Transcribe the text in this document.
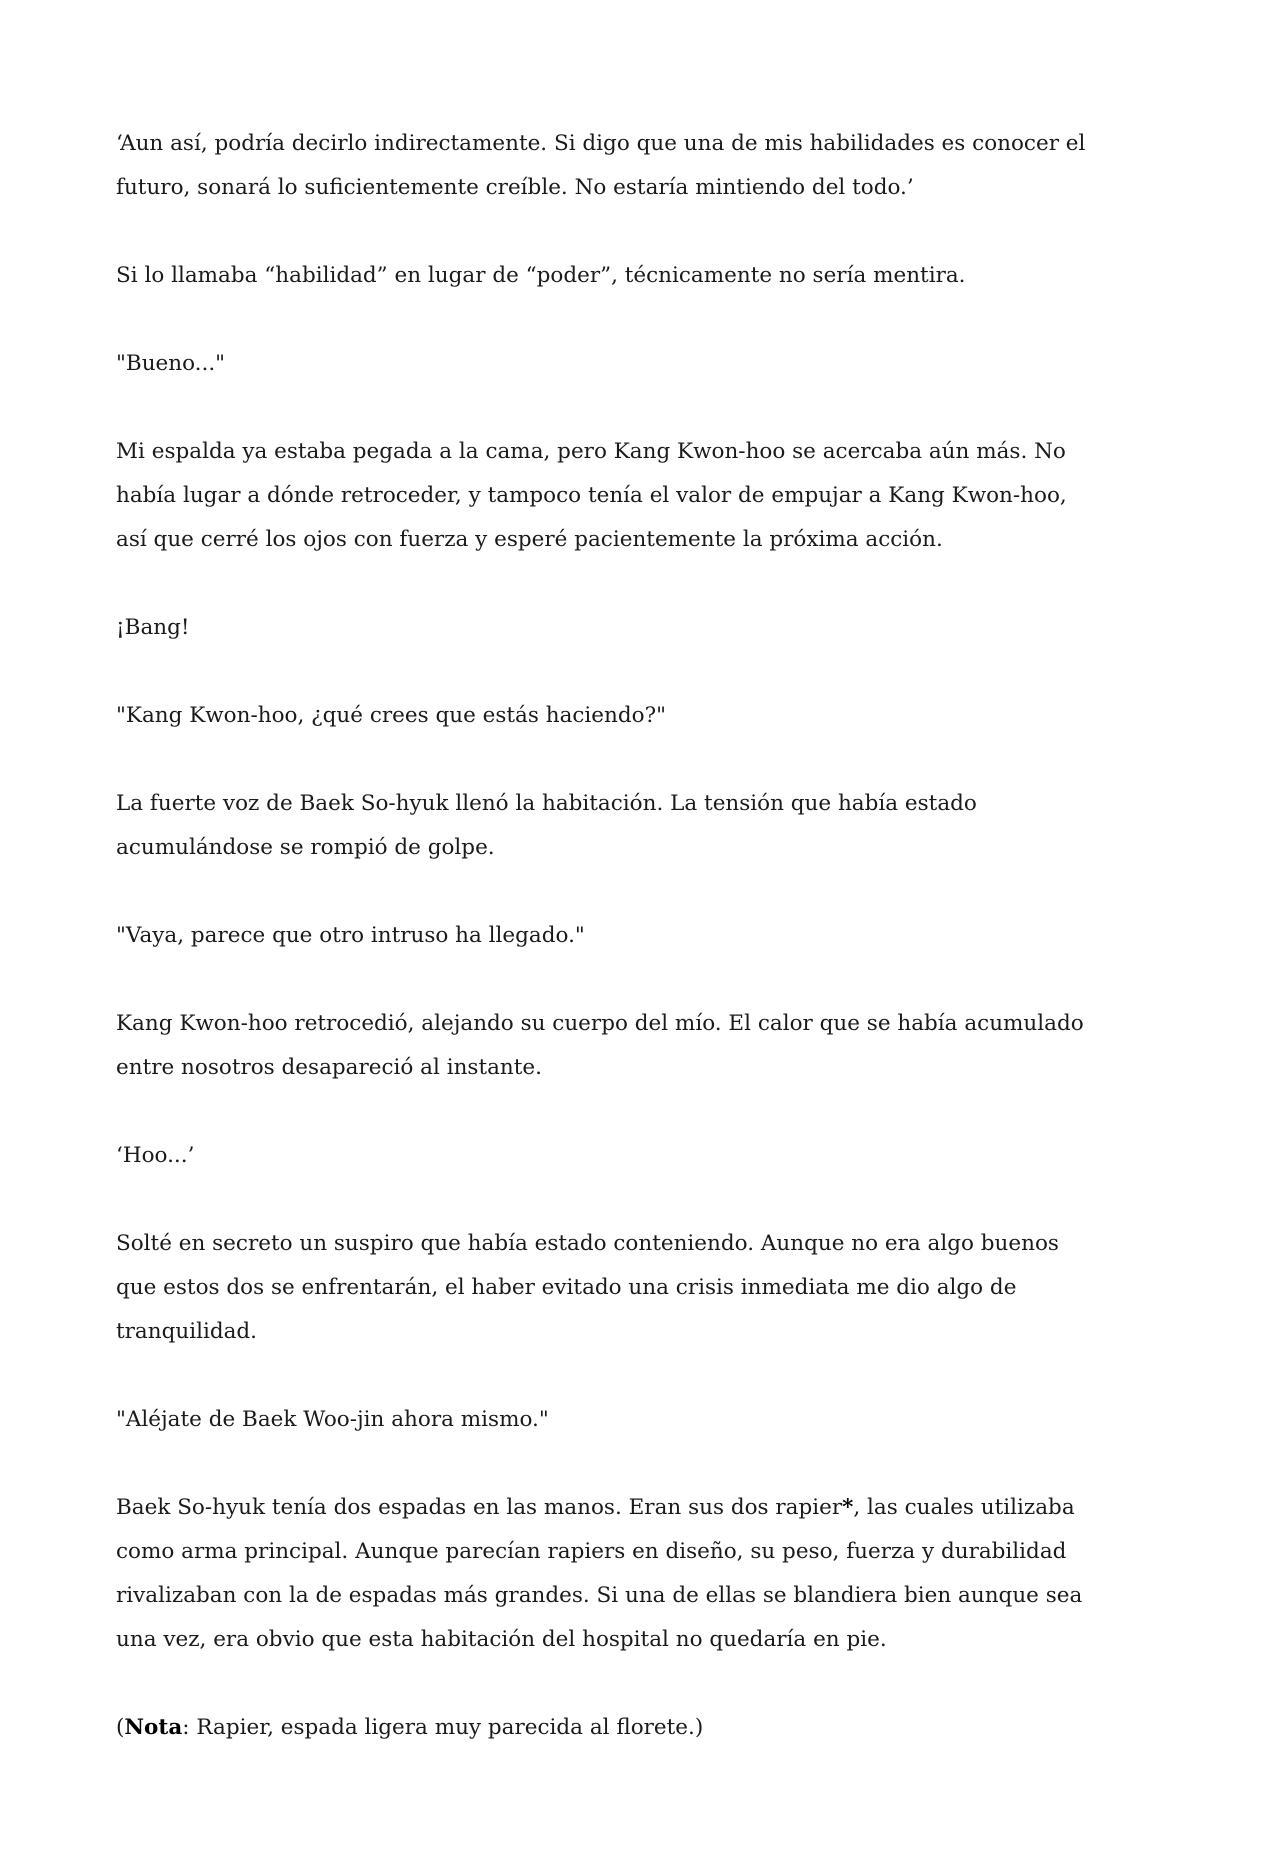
‘Aun así, podría decirlo indirectamente. Si digo que una de mis habilidades es conocer el
futuro, sonará lo suficientemente creíble. No estaría mintiendo del todo.’

Si lo llamaba “habilidad” en lugar de “poder”, técnicamente no sería mentira.

"Bueno..."

Mi espalda ya estaba pegada a la cama, pero Kang Kwon-hoo se acercaba aún más. No
había lugar a dónde retroceder, y tampoco tenía el valor de empujar a Kang Kwon-hoo,
así que cerré los ojos con fuerza y esperé pacientemente la próxima acción.

¡Bang!

"Kang Kwon-hoo, ¿qué crees que estás haciendo?"

La fuerte voz de Baek So-hyuk llenó la habitación. La tensión que había estado
acumulándose se rompió de golpe.

"Vaya, parece que otro intruso ha llegado."

Kang Kwon-hoo retrocedió, alejando su cuerpo del mío. El calor que se había acumulado
entre nosotros desapareció al instante.

‘Hoo...’

Solté en secreto un suspiro que había estado conteniendo. Aunque no era algo buenos
que estos dos se enfrentarán, el haber evitado una crisis inmediata me dio algo de
tranquilidad.

"Aléjate de Baek Woo-jin ahora mismo."

Baek So-hyuk tenía dos espadas en las manos. Eran sus dos rapier*, las cuales utilizaba
como arma principal. Aunque parecían rapiers en diseño, su peso, fuerza y durabilidad
rivalizaban con la de espadas más grandes. Si una de ellas se blandiera bien aunque sea
una vez, era obvio que esta habitación del hospital no quedaría en pie.

(Nota: Rapier, espada ligera muy parecida al florete.)
